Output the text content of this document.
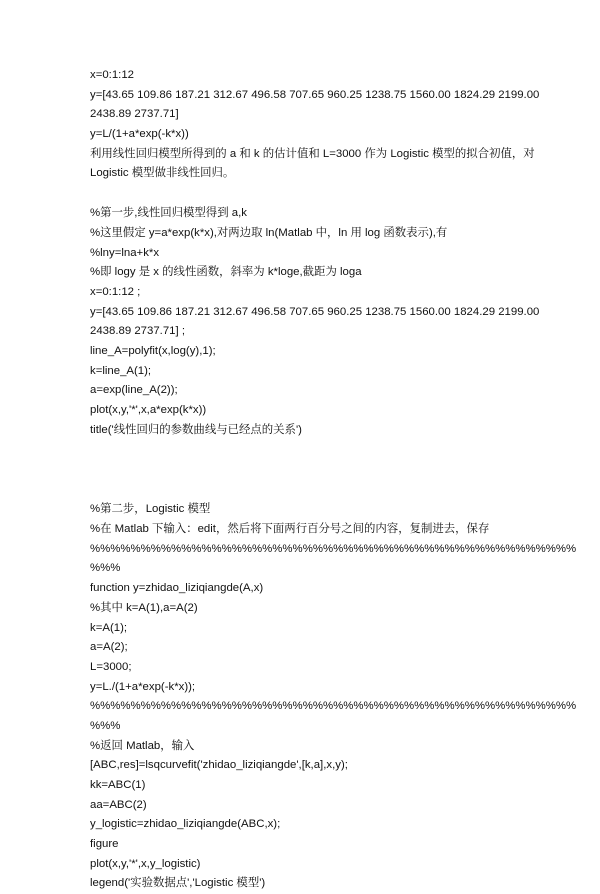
x=0:1:12
y=[43.65 109.86 187.21 312.67 496.58 707.65 960.25 1238.75 1560.00 1824.29 2199.00
2438.89 2737.71]
y=L/(1+a*exp(-k*x))
利用线性回归模型所得到的 a 和 k 的估计值和 L=3000 作为 Logistic 模型的拟合初值，对
Logistic 模型做非线性回归。
%第一步,线性回归模型得到 a,k
%这里假定 y=a*exp(k*x),对两边取 ln(Matlab 中，ln 用 log 函数表示),有
%lny=lna+k*x
%即 logy 是 x 的线性函数，斜率为 k*loge,截距为 loga
x=0:1:12 ;
y=[43.65 109.86 187.21 312.67 496.58 707.65 960.25 1238.75 1560.00 1824.29 2199.00
2438.89 2737.71] ;
line_A=polyfit(x,log(y),1);
k=line_A(1);
a=exp(line_A(2));
plot(x,y,'*',x,a*exp(k*x))
title('线性回归的参数曲线与已经点的关系')
%第二步，Logistic 模型
%在 Matlab 下输入：edit，然后将下面两行百分号之间的内容，复制进去，保存
%%%%%%%%%%%%%%%%%%%%%%%%%%%%%%%%%%%%%%%%%%%%%%%%
%%%
function y=zhidao_liziqiangde(A,x)
%其中 k=A(1),a=A(2)
k=A(1);
a=A(2);
L=3000;
y=L./(1+a*exp(-k*x));
%%%%%%%%%%%%%%%%%%%%%%%%%%%%%%%%%%%%%%%%%%%%%%%%
%%%
%返回 Matlab，输入
[ABC,res]=lsqcurvefit('zhidao_liziqiangde',[k,a],x,y);
kk=ABC(1)
aa=ABC(2)
y_logistic=zhidao_liziqiangde(ABC,x);
figure
plot(x,y,'*',x,y_logistic)
legend('实验数据点','Logistic 模型')
